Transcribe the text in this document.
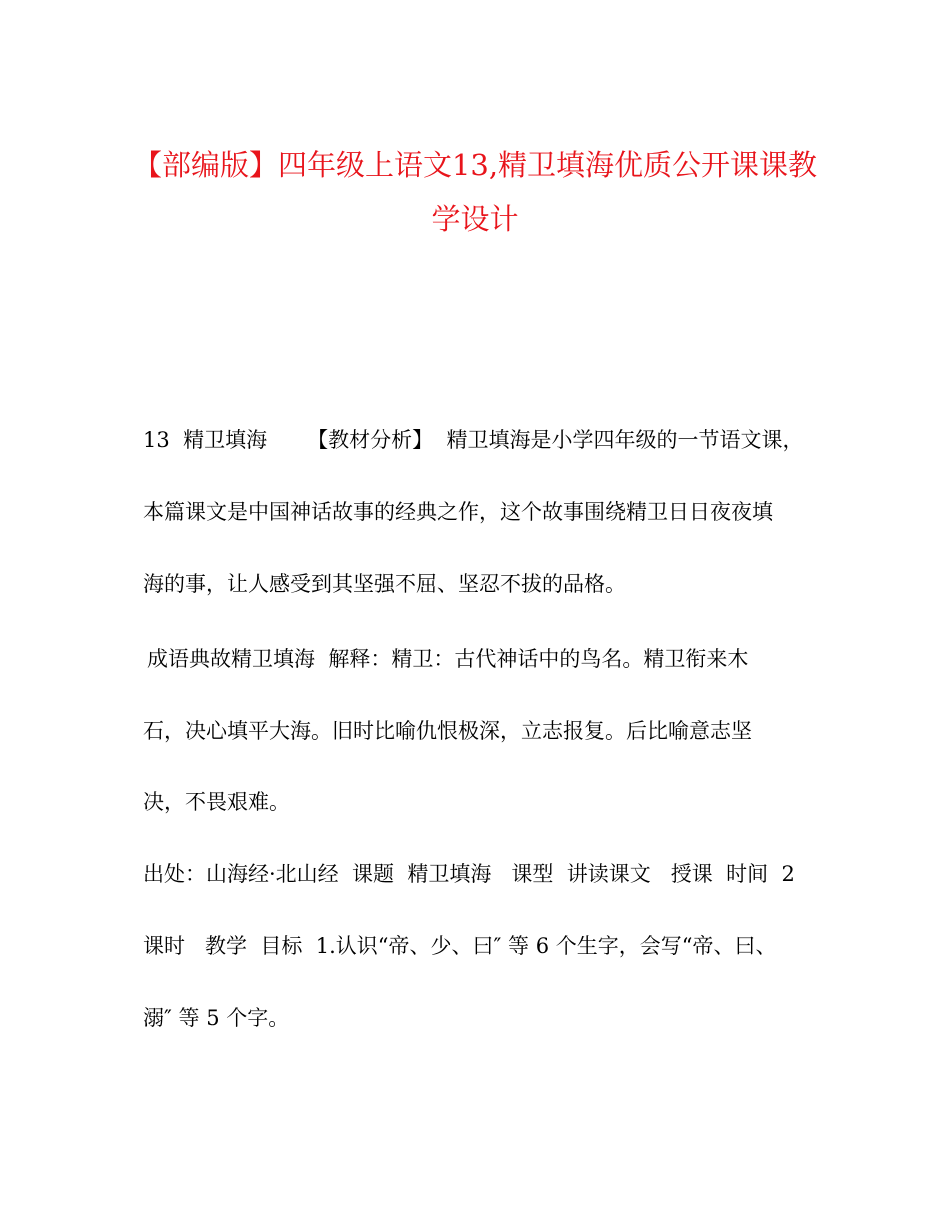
【部编版】四年级上语文13,精卫填海优质公开课课教
学设计

13  精卫填海      【教材分析】  精卫填海是小学四年级的一节语文课，

本篇课文是中国神话故事的经典之作，这个故事围绕精卫日日夜夜填

海的事，让人感受到其坚强不屈、坚忍不拔的品格。

成语典故精卫填海  解释：精卫：古代神话中的鸟名。精卫衔来木

石，决心填平大海。旧时比喻仇恨极深，立志报复。后比喻意志坚

决，不畏艰难。

出处：山海经·北山经  课题  精卫填海   课型  讲读课文   授课  时间  2

课时   教学  目标  1.认识“帝、少、曰″ 等 6 个生字，会写“帝、曰、

溺″ 等 5 个字。
